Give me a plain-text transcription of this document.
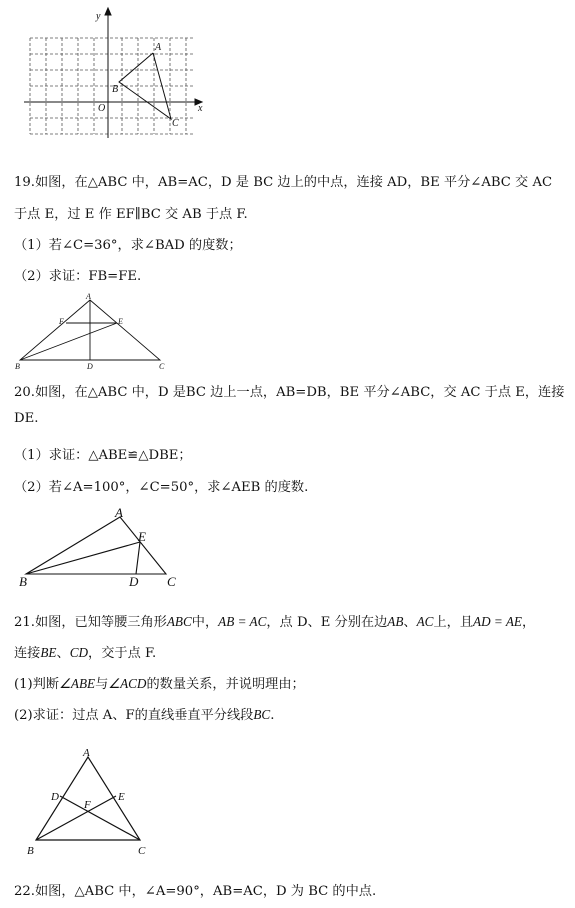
y
x
O
A
B
C
19.如图，在△ABC 中，AB=AC，D 是 BC 边上的中点，连接 AD，BE 平分∠ABC 交 AC
于点 E，过 E 作 EF∥BC 交 AB 于点 F.
（1）若∠C=36°，求∠BAD 的度数；
（2）求证：FB=FE.
A
B	C
D
E
F
20.如图，在△ABC 中，D 是BC 边上一点，AB=DB，BE 平分∠ABC，交 AC 于点 E，连接
DE.
（1）求证：△ABE≌△DBE；
（2）若∠A=100°，∠C=50°，求∠AEB 的度数.
A
B	C
D
E
21.如图，已知等腰三角形ABC中，AB = AC，点 D、E 分别在边AB、AC上，且AD = AE，
连接BE、CD，交于点 F.
(1)判断∠ABE与∠ACD的数量关系，并说明理由；
(2)求证：过点 A、F的直线垂直平分线段BC.
A
B	C
D	E
F
22.如图，△ABC 中，∠A=90°，AB=AC，D 为 BC 的中点.
